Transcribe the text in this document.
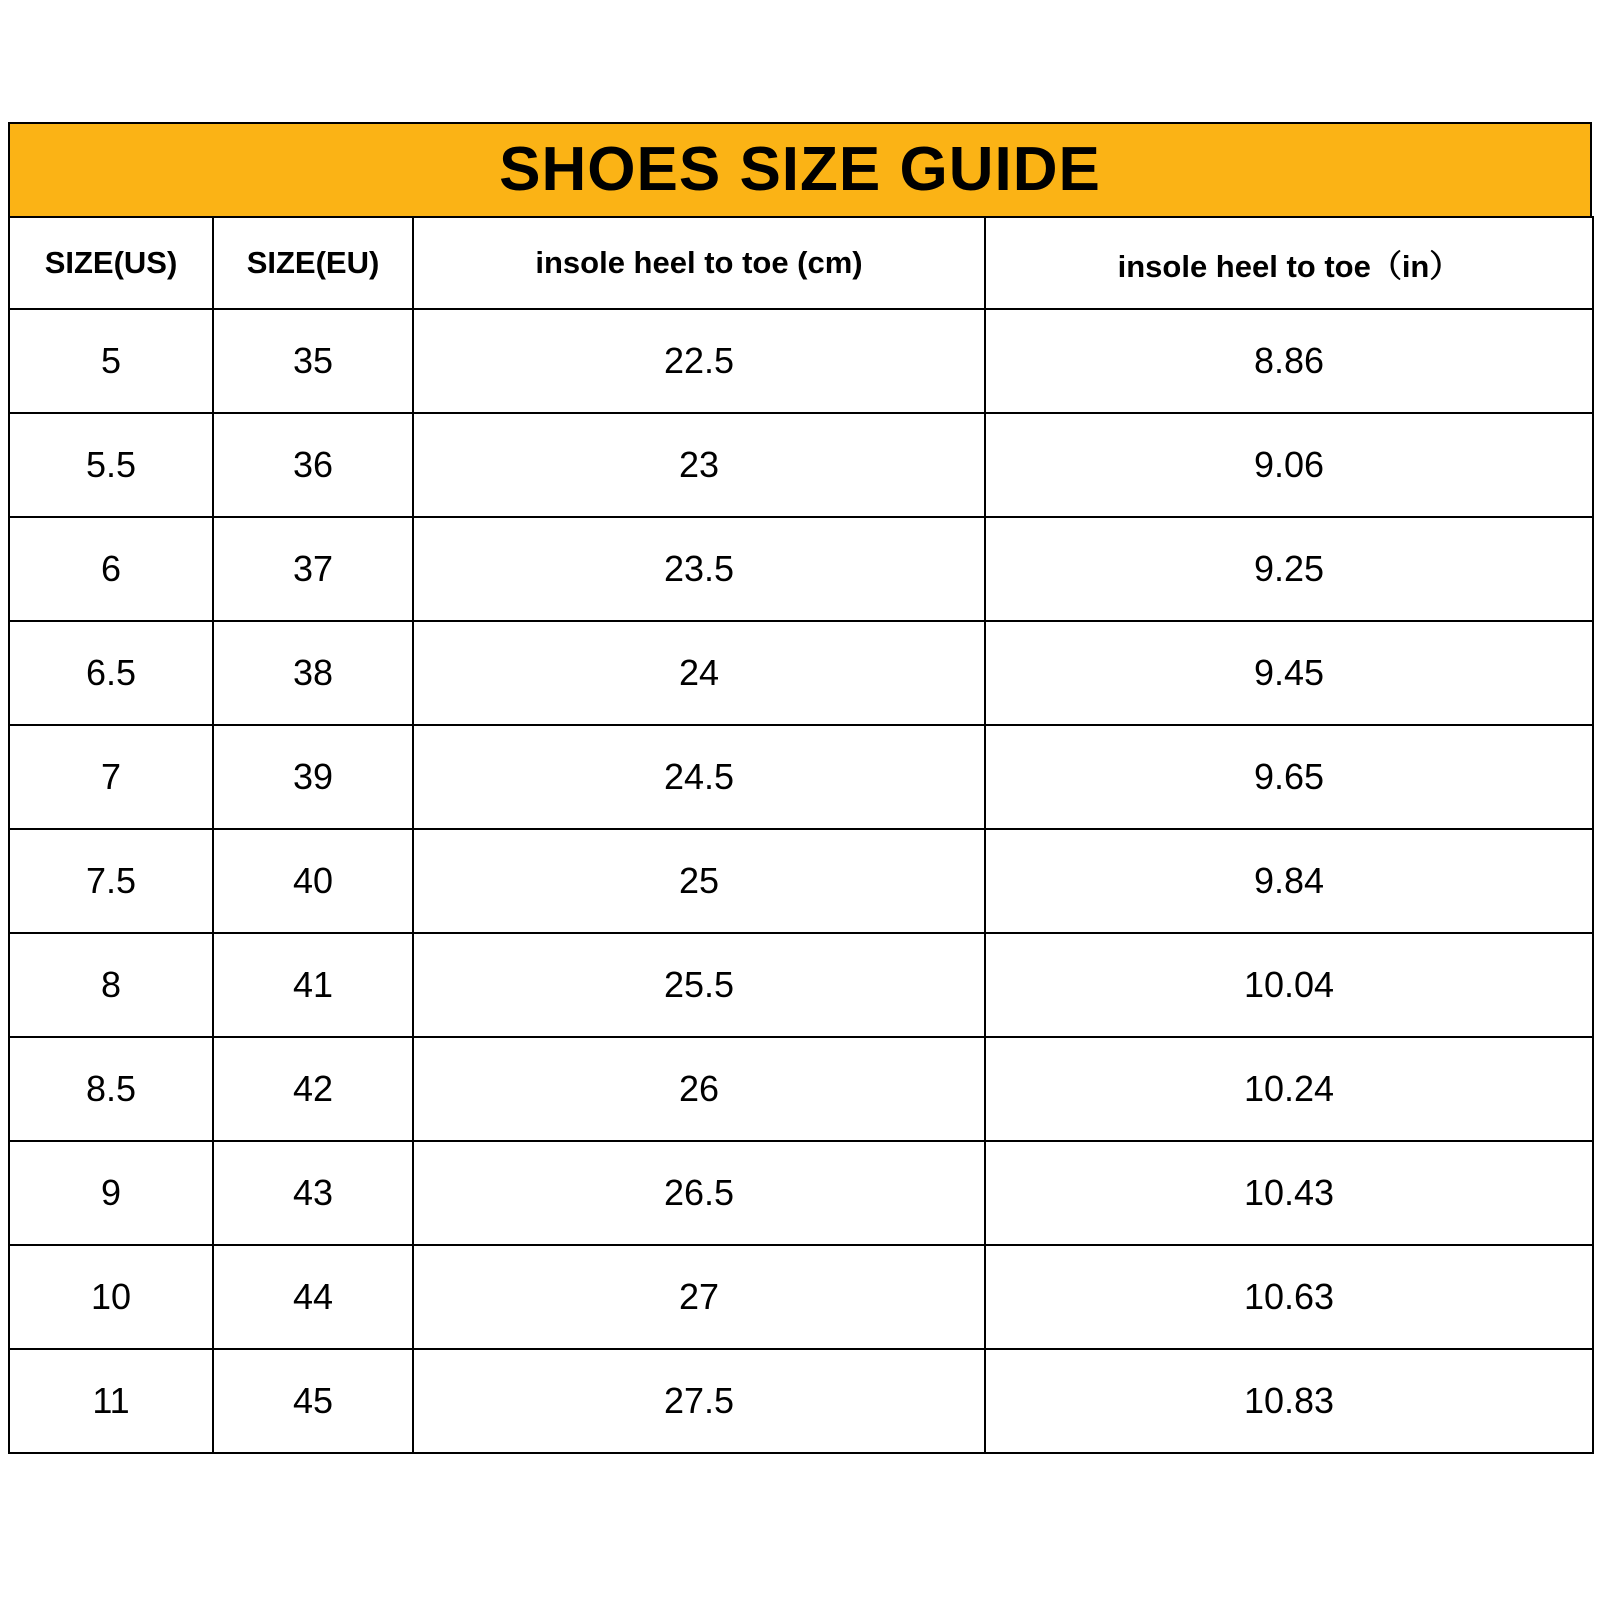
SHOES SIZE GUIDE
SIZE(US)	SIZE(EU)	insole heel to toe (cm)	insole heel to toe（in）
5	35	22.5	8.86
5.5	36	23	9.06
6	37	23.5	9.25
6.5	38	24	9.45
7	39	24.5	9.65
7.5	40	25	9.84
8	41	25.5	10.04
8.5	42	26	10.24
9	43	26.5	10.43
10	44	27	10.63
11	45	27.5	10.83
